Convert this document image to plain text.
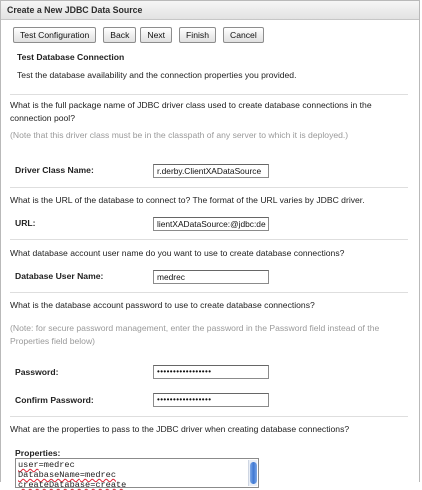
Create a New JDBC Data Source
Test Configuration	Back	Next	Finish	Cancel
Test Database Connection
Test the database availability and the connection properties you provided.
What is the full package name of JDBC driver class used to create database connections in the connection pool?
(Note that this driver class must be in the classpath of any server to which it is deployed.)
Driver Class Name:	r.derby.ClientXADataSource
What is the URL of the database to connect to? The format of the URL varies by JDBC driver.
URL:	lientXADataSource:@jdbc:de
What database account user name do you want to use to create database connections?
Database User Name:	medrec
What is the database account password to use to create database connections?
(Note: for secure password management, enter the password in the Password field instead of the Properties field below)
Password:	•••••••••••••••••
Confirm Password:	•••••••••••••••••
What are the properties to pass to the JDBC driver when creating database connections?
Properties:
user=medrec
DatabaseName=medrec
createDatabase=create
